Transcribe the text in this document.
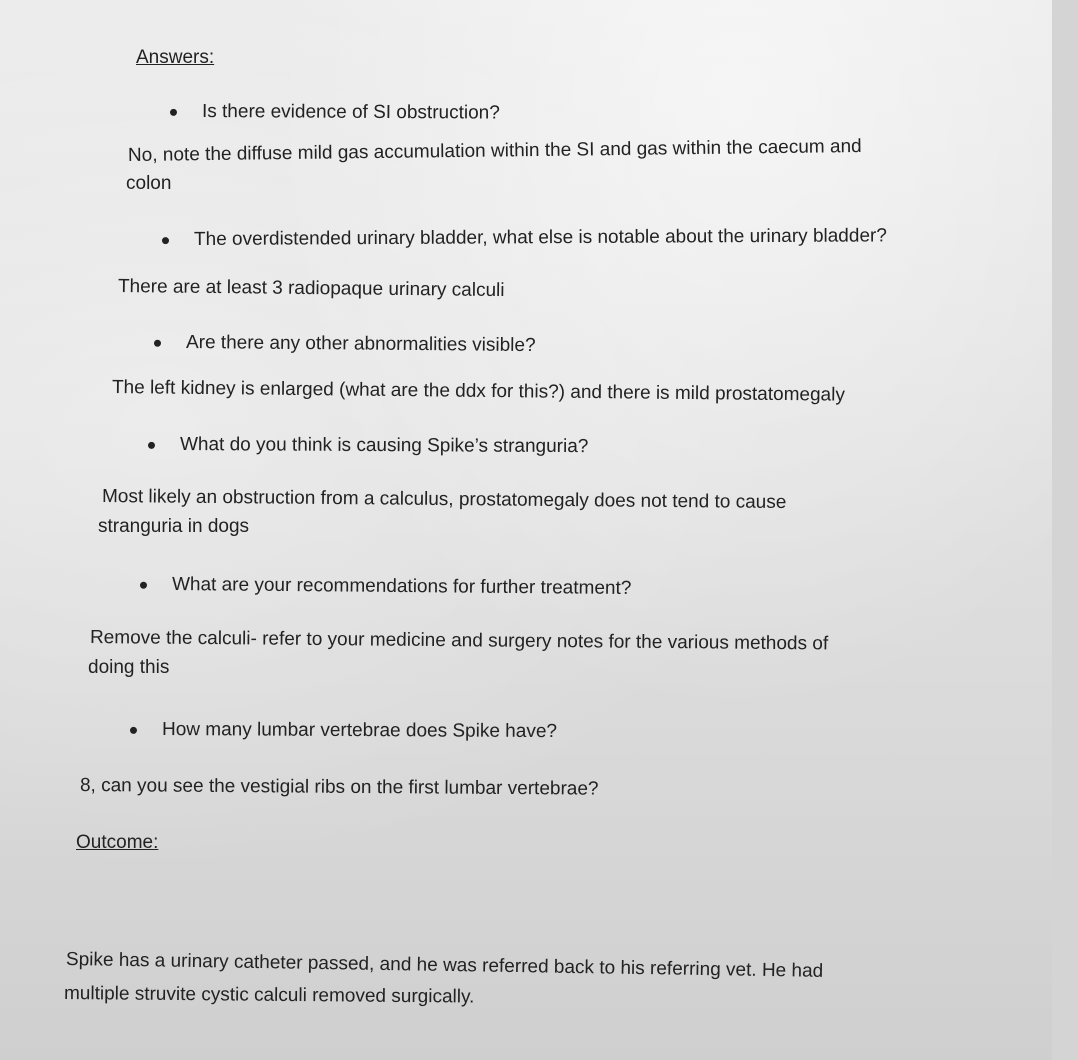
Answers:
Is there evidence of SI obstruction?
No, note the diffuse mild gas accumulation within the SI and gas within the caecum and
colon
The overdistended urinary bladder, what else is notable about the urinary bladder?
There are at least 3 radiopaque urinary calculi
Are there any other abnormalities visible?
The left kidney is enlarged (what are the ddx for this?) and there is mild prostatomegaly
What do you think is causing Spike’s stranguria?
Most likely an obstruction from a calculus, prostatomegaly does not tend to cause
stranguria in dogs
What are your recommendations for further treatment?
Remove the calculi- refer to your medicine and surgery notes for the various methods of
doing this
How many lumbar vertebrae does Spike have?
8, can you see the vestigial ribs on the first lumbar vertebrae?
Outcome:
Spike has a urinary catheter passed, and he was referred back to his referring vet. He had
multiple struvite cystic calculi removed surgically.
